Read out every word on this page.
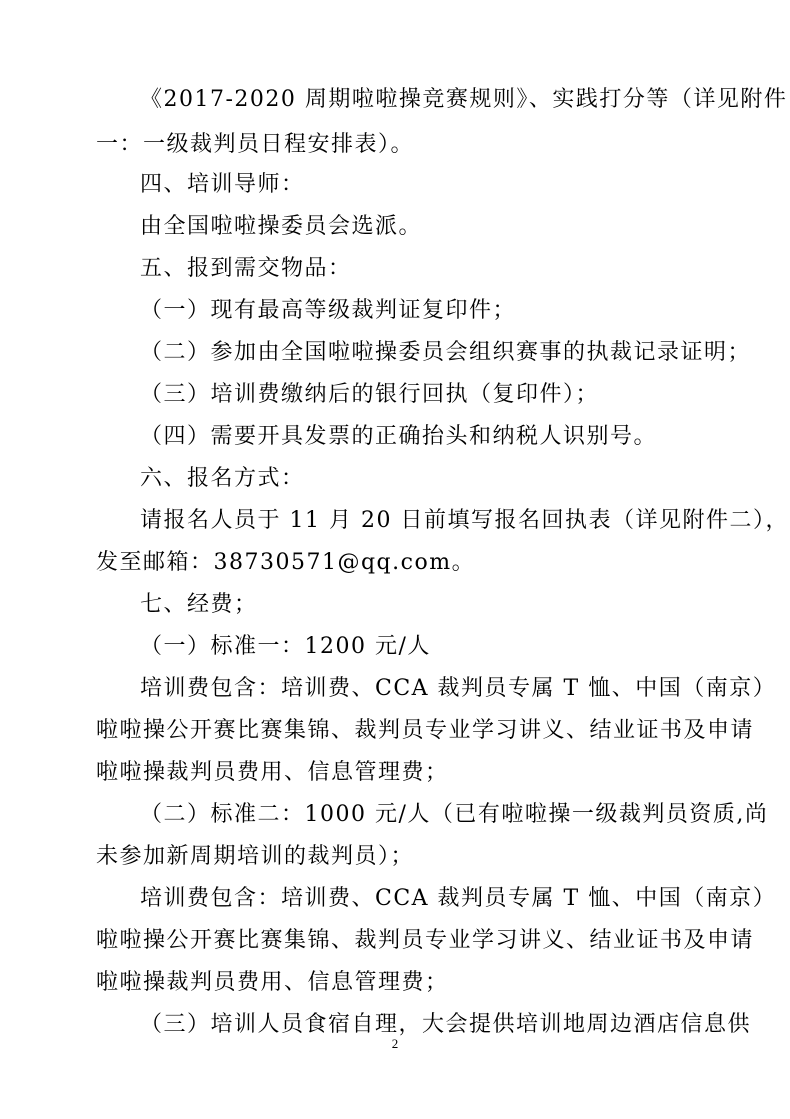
《2017-2020 周期啦啦操竞赛规则》、实践打分等（详见附件
一：一级裁判员日程安排表）。
四、培训导师：
由全国啦啦操委员会选派。
五、报到需交物品：
（一）现有最高等级裁判证复印件；
（二）参加由全国啦啦操委员会组织赛事的执裁记录证明；
（三）培训费缴纳后的银行回执（复印件）；
（四）需要开具发票的正确抬头和纳税人识别号。
六、报名方式：
请报名人员于 11 月 20 日前填写报名回执表（详见附件二），
发至邮箱：38730571@qq.com。
七、经费；
（一）标准一：1200 元/人
培训费包含：培训费、CCA 裁判员专属 T 恤、中国（南京）
啦啦操公开赛比赛集锦、裁判员专业学习讲义、结业证书及申请
啦啦操裁判员费用、信息管理费；
（二）标准二：1000 元/人（已有啦啦操一级裁判员资质,尚
未参加新周期培训的裁判员）；
培训费包含：培训费、CCA 裁判员专属 T 恤、中国（南京）
啦啦操公开赛比赛集锦、裁判员专业学习讲义、结业证书及申请
啦啦操裁判员费用、信息管理费；
（三）培训人员食宿自理，大会提供培训地周边酒店信息供
2
